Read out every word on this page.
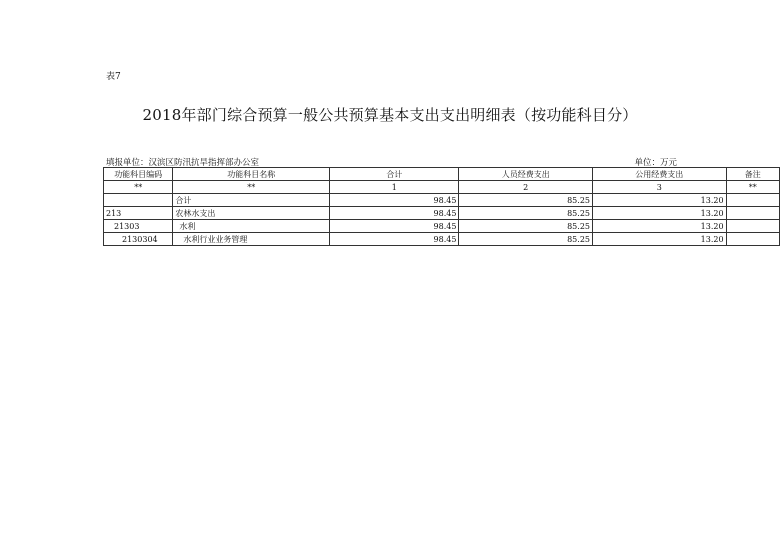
表7
2018年部门综合预算一般公共预算基本支出支出明细表（按功能科目分）
填报单位：汉滨区防汛抗旱指挥部办公室	单位：万元
功能科目编码	功能科目名称	合计	人员经费支出	公用经费支出	备注
**	**	1	2	3	**
	合计	98.45	85.25	13.20	
213	农林水支出	98.45	85.25	13.20	
21303	水利	98.45	85.25	13.20	
2130304	水利行业业务管理	98.45	85.25	13.20	
